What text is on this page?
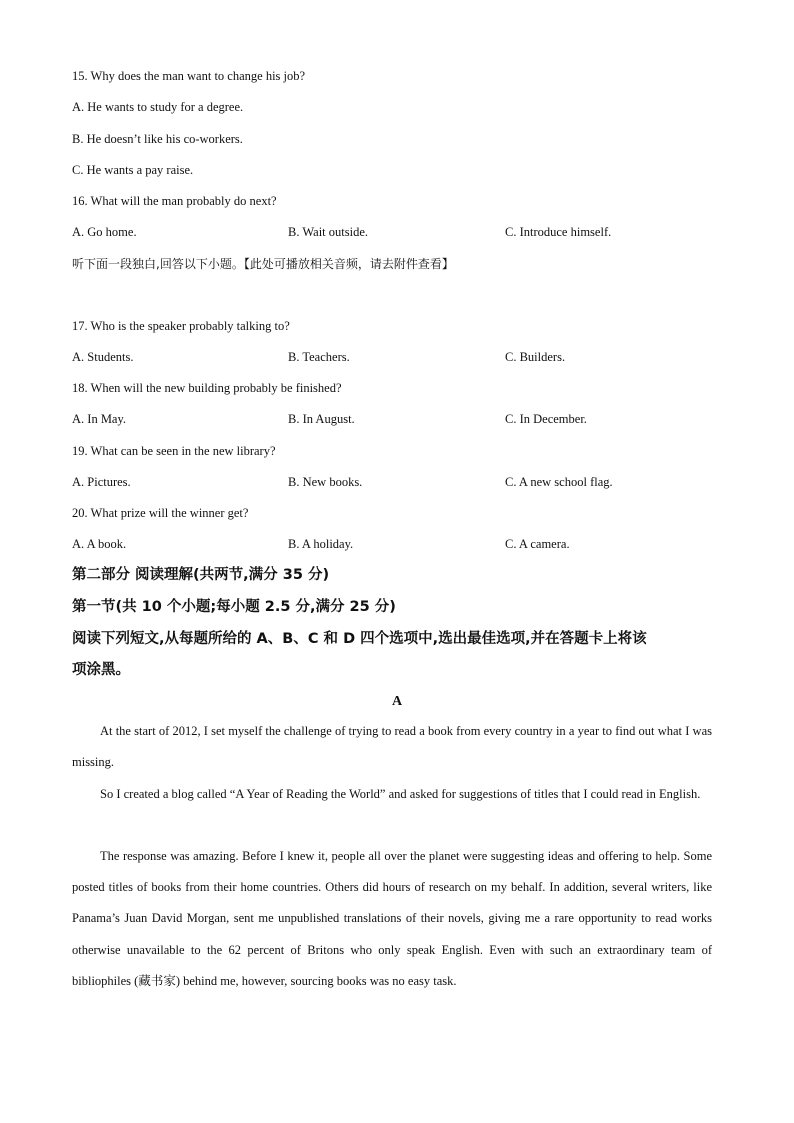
15. Why does the man want to change his job?
A. He wants to study for a degree.
B. He doesn’t like his co-workers.
C. He wants a pay raise.
16. What will the man probably do next?
A. Go home.	B. Wait outside.	C. Introduce himself.
听下面一段独白,回答以下小题。【此处可播放相关音频，请去附件查看】
17. Who is the speaker probably talking to?
A. Students.	B. Teachers.	C. Builders.
18. When will the new building probably be finished?
A. In May.	B. In August.	C. In December.
19. What can be seen in the new library?
A. Pictures.	B. New books.	C. A new school flag.
20. What prize will the winner get?
A. A book.	B. A holiday.	C. A camera.
第二部分 阅读理解(共两节,满分 35 分)
第一节(共 10 个小题;每小题 2.5 分,满分 25 分)
阅读下列短文,从每题所给的 A、B、C 和 D 四个选项中,选出最佳选项,并在答题卡上将该
项涂黑。
A

At the start of 2012, I set myself the challenge of trying to read a book from every country in a year to find out what I was missing.

So I created a blog called “A Year of Reading the World” and asked for suggestions of titles that I could read in English.

The response was amazing. Before I knew it, people all over the planet were suggesting ideas and offering to help. Some posted titles of books from their home countries. Others did hours of research on my behalf. In addition, several writers, like Panama’s Juan David Morgan, sent me unpublished translations of their novels, giving me a rare opportunity to read works otherwise unavailable to the 62 percent of Britons who only speak English. Even with such an extraordinary team of bibliophiles (藏书家) behind me, however, sourcing books was no easy task.
